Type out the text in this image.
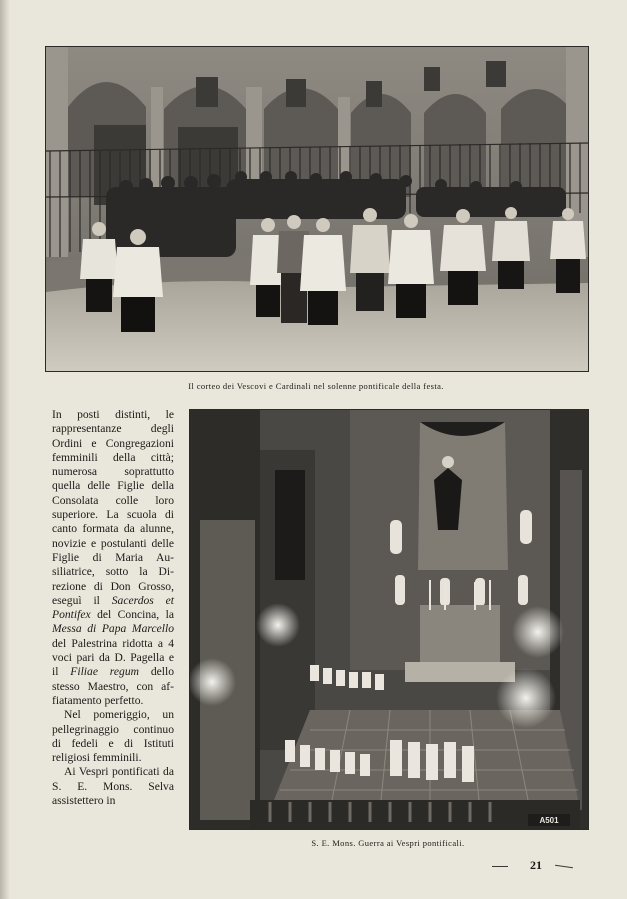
Il corteo dei Vescovi e Cardinali nel solenne pontificale della festa.

In posti distinti, le rappresentanze degli Ordini e Congregazioni femminili della città; numerosa soprattutto quella delle Figlie della Consolata colle loro superiore. La scuola di canto formata da alunne, novizie e postulanti delle Figlie di Maria Ausiliatrice, sotto la Direzione di Don Grosso, eseguì il Sacerdos et Pontifex del Concina, la Messa di Papa Marcello del Palestrina ridotta a 4 voci pari da D. Pagella e il Filiae regum dello stesso Maestro, con affiatamento perfetto.

Nel pomeriggio, un pellegrinaggio continuo di fedeli e di Istituti religiosi femminili.

Ai Vespri pontificati da S. E. Mons. Selva assistettero in

A501
S. E. Mons. Guerra ai Vespri pontificali.
21
